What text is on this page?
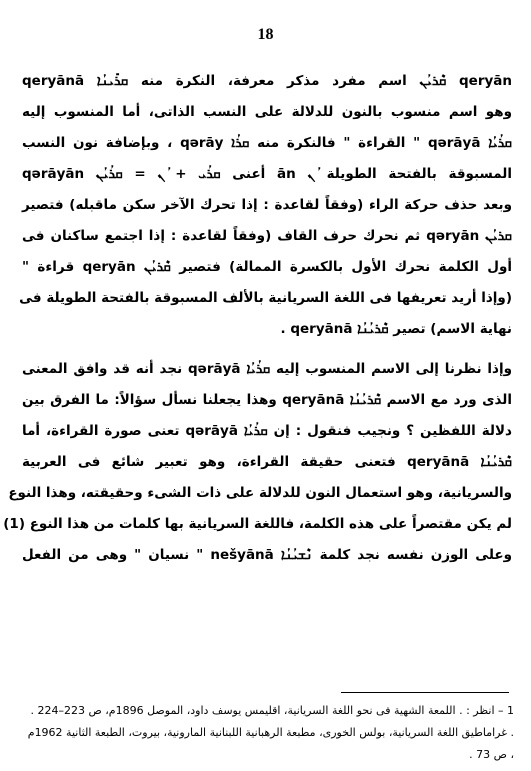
18
qeryān ܩܶܪܝܳܢ اسم مفرد مذكر معرفة، النكرة منه ܩܪܺܝܢܳܐ qeryānā
وهو اسم منسوب بالنون للدلالة على النسب الذاتى، أما المنسوب إليه
ܩܪܳܝܳܐ qərāyā " القراءة " فالنكرة منه ܩܪܳܐ qərāy ، وبإضافة نون النسب
المسبوقة بالفتحة الطويلة ܳܢ ān أعنى ܩܪܳܝ + ܳܢ = ܩܪܳܝܳܢ qərāyān
وبعد حذف حركة الراء (وفقاً لقاعدة : إذا تحرك الآخر سكن ماقبله) فتصير
ܩܪܝܳܢ qəryān ثم نحرك حرف القاف (وفقاً لقاعدة : إذا اجتمع ساكنان فى
أول الكلمة نحرك الأول بالكسرة الممالة) فتصير ܩܶܪܝܳܢ qeryān قراءة "
(وإذا أريد تعريفها فى اللغة السريانية بالألف المسبوقة بالفتحة الطويلة فى
نهاية الاسم) تصير ܩܶܪܝܳܢܳܐ qeryānā .
وإذا نظرنا إلى الاسم المنسوب إليه ܩܪܳܝܳܐ qərāyā نجد أنه قد وافق المعنى
الذى ورد مع الاسم ܩܶܪܝܳܢܳܐ qeryānā وهذا يجعلنا نسأل سؤالاً: ما الفرق بين
دلالة اللفظين ؟ ونجيب فنقول : إن ܩܪܳܝܳܐ qərāyā تعنى صورة القراءة، أما
ܩܶܪܝܳܢܳܐ qeryānā فتعنى حقيقة القراءة، وهو تعبير شائع فى العربية
والسريانية، وهو استعمال النون للدلالة على ذات الشىء وحقيقته، وهذا النوع
لم يكن مقتصراً على هذه الكلمة، فاللغة السريانية بها كلمات من هذا النوع (1)
وعلى الوزن نفسه نجد كلمة ܢܶܫܝܳܢܳܐ nešyānā " نسيان " وهى من الفعل
1 – انظر : . اللمعة الشهية فى نحو اللغة السريانية، اقليمس يوسف داود، الموصل 1896م، ص 223–224 .
. غراماطيق اللغة السريانية، بولس الخورى، مطبعة الرهبانية اللبنانية المارونية، بيروت، الطبعة الثانية 1962م
، ص 73 .
